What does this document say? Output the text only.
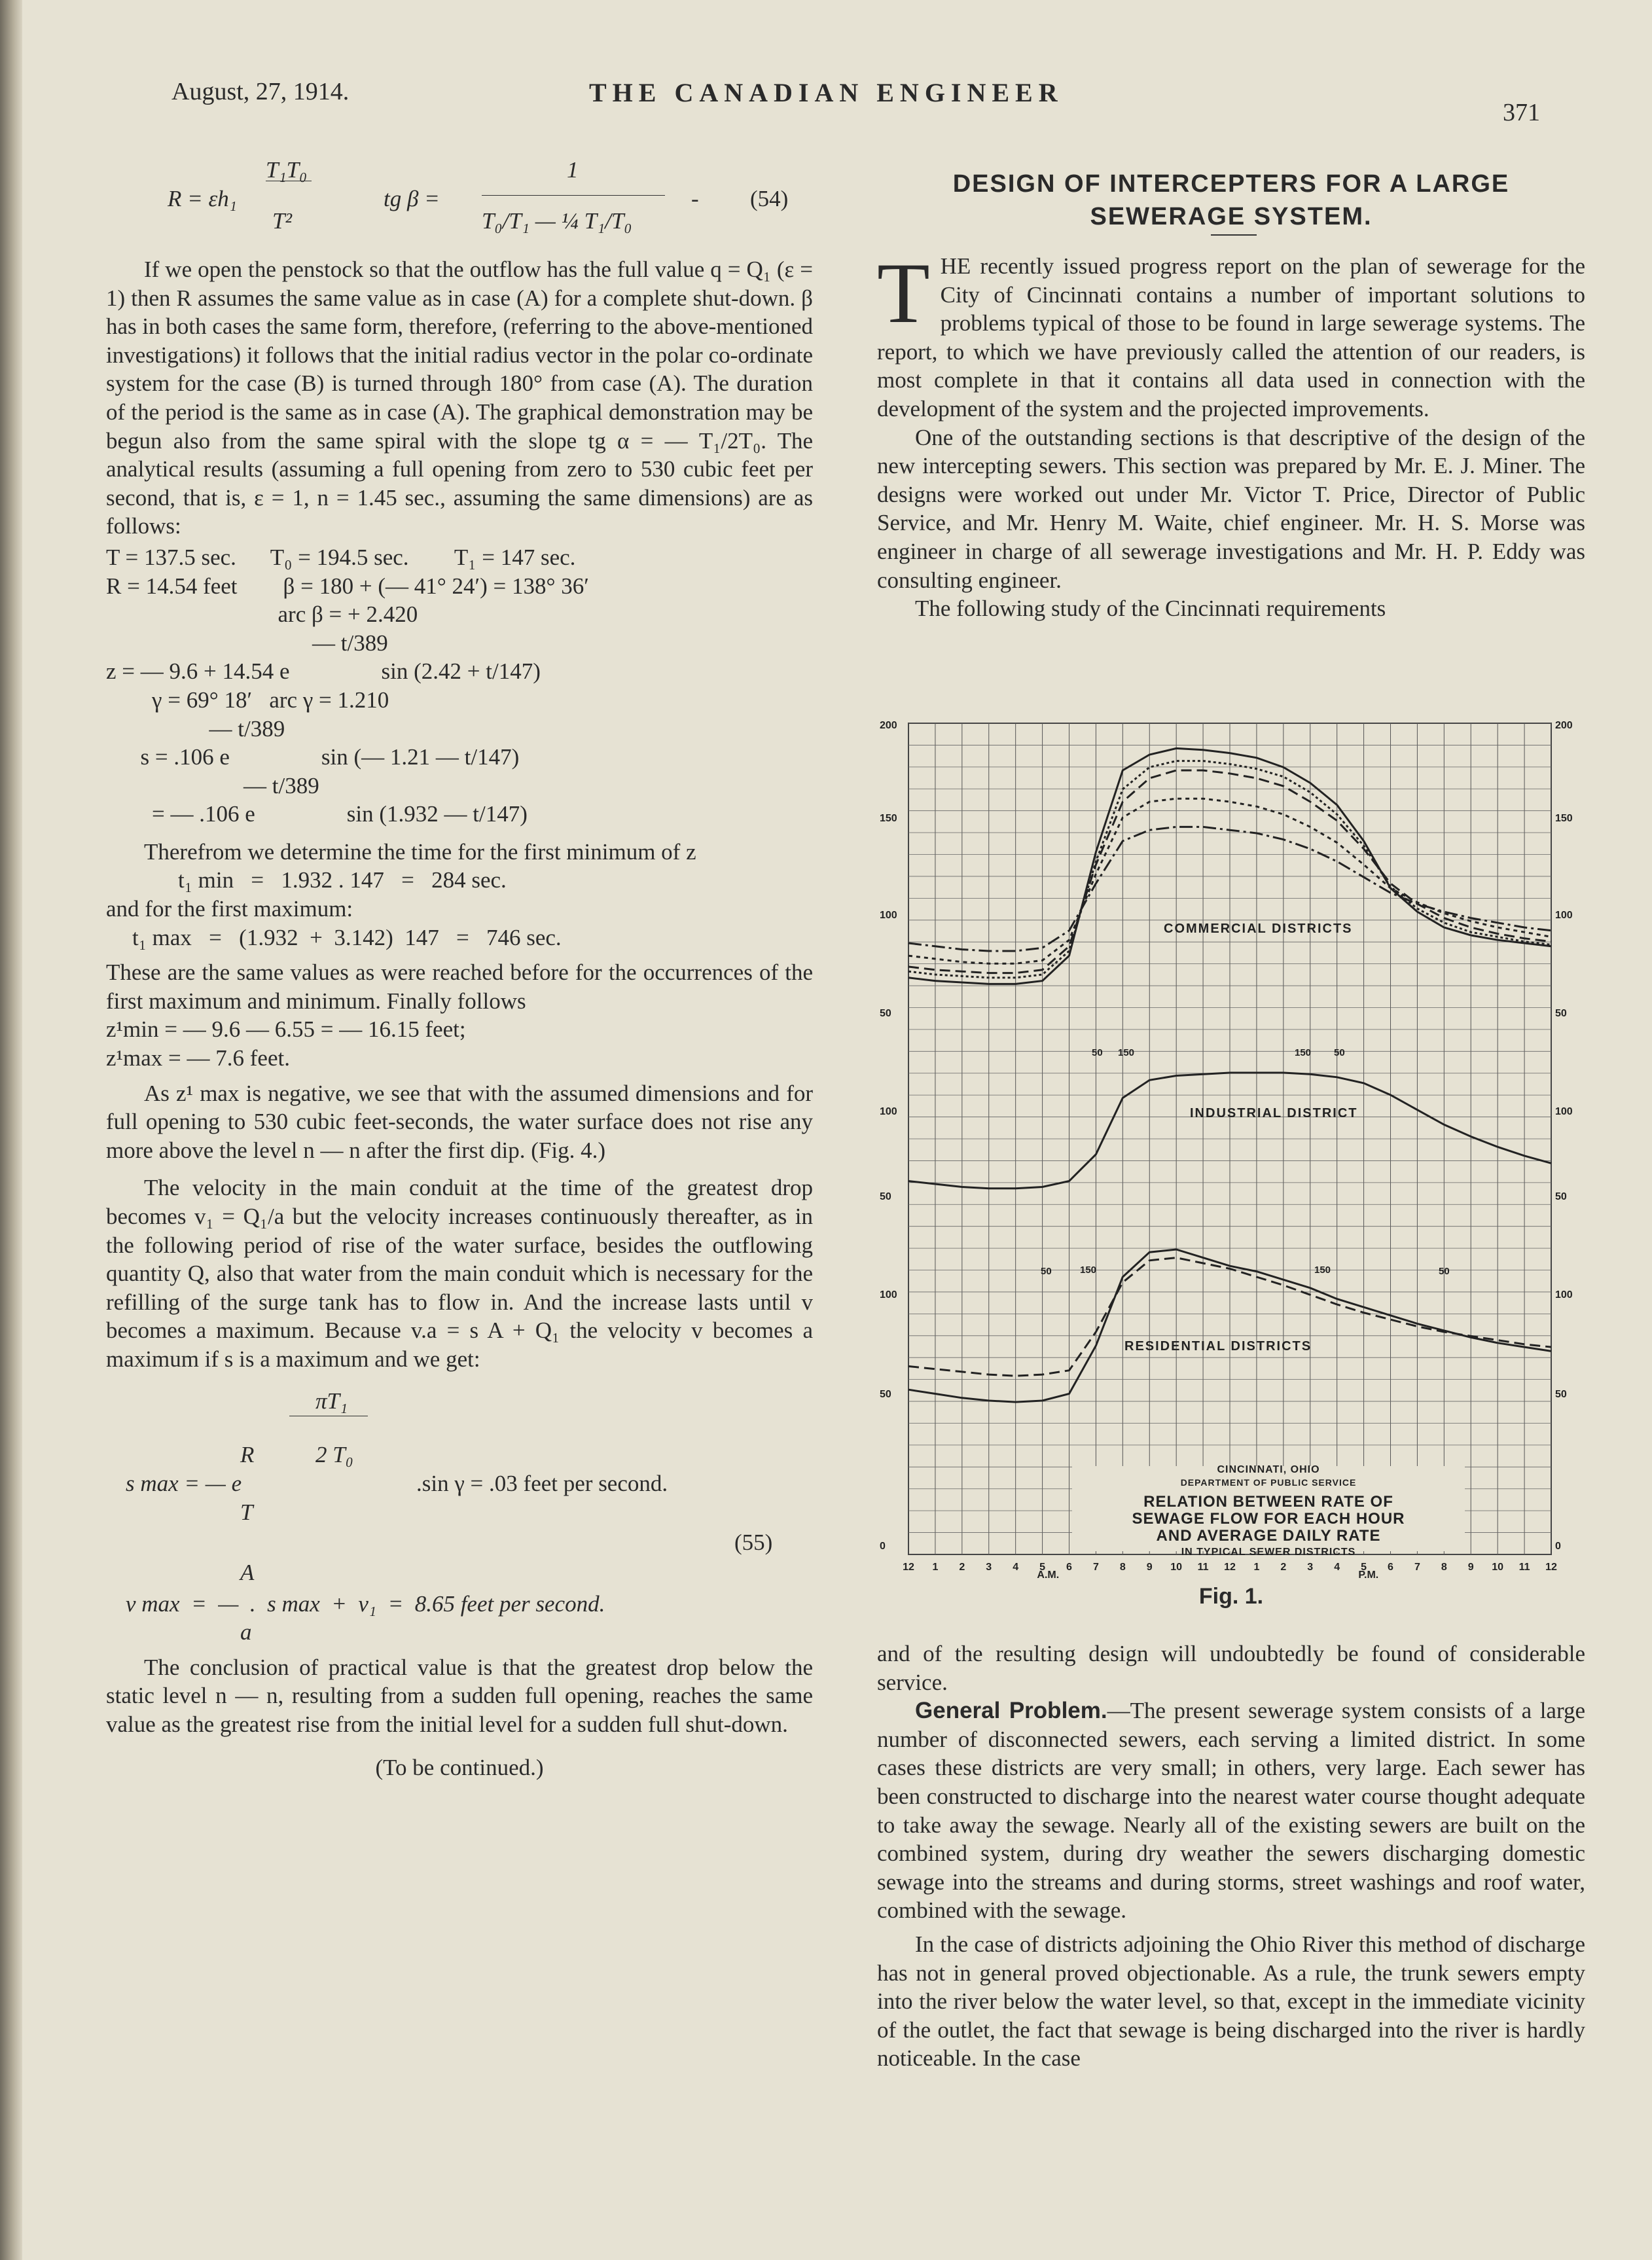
August, 27, 1914.	THE CANADIAN ENGINEER
371
T₁T₀
R = εh₁
T²
tg β =
1
T₀/T₁ — ¼ T₁/T₀
- (54)

If we open the penstock so that the outflow has the full value q = Q₁ (ε = 1) then R assumes the same value as in case (A) for a complete shut-down. β has in both cases the same form, therefore, (referring to the above-mentioned investigations) it follows that the initial radius vector in the polar co-ordinate system for the case (B) is turned through 180° from case (A). The duration of the period is the same as in case (A). The graphical demonstration may be begun also from the same spiral with the slope tg α = — T₁/2T₀. The analytical results (assuming a full opening from zero to 530 cubic feet per second, that is, ε = 1, n = 1.45 sec., assuming the same dimensions) are as follows:

T = 137.5 sec.      T₀ = 194.5 sec.        T₁ = 147 sec.
R = 14.54 feet        β = 180 + (— 41° 24′) = 138° 36′
arc β = + 2.420
— t/389
z = — 9.6 + 14.54 e                sin (2.42 + t/147)
γ = 69° 18′   arc γ = 1.210
— t/389
s = .106 e                sin (— 1.21 — t/147)
— t/389
= — .106 e                sin (1.932 — t/147)

Therefrom we determine the time for the first minimum of z

t₁ min   =   1.932 . 147   =   284 sec.
and for the first maximum:
t₁ max   =   (1.932  +  3.142)  147   =   746 sec.

These are the same values as were reached before for the occurrences of the first maximum and minimum. Finally follows

z¹min = — 9.6 — 6.55 = — 16.15 feet;
z¹max = — 7.6 feet.

As z¹ max is negative, we see that with the assumed dimensions and for full opening to 530 cubic feet-seconds, the water surface does not rise any more above the level n — n after the first dip. (Fig. 4.)

The velocity in the main conduit at the time of the greatest drop becomes v₁ = Q₁/a but the velocity increases continuously thereafter, as in the following period of rise of the water surface, besides the outflowing quantity Q, also that water from the main conduit which is necessary for the refilling of the surge tank has to flow in. And the increase lasts until v becomes a maximum. Because v.a = s A + Q₁ the velocity v becomes a maximum if s is a maximum and we get:

πT₁
R	2 T₀
s max = — e
T
.sin γ = .03 feet per second.
(55)
A
v max  =  —  .  s max  +  v₁  =  8.65 feet per second.
a

The conclusion of practical value is that the greatest drop below the static level n — n, resulting from a sudden full opening, reaches the same value as the greatest rise from the initial level for a sudden full shut-down.

(To be continued.)
DESIGN OF INTERCEPTERS FOR A LARGE SEWERAGE SYSTEM.
T HE recently issued progress report on the plan of sewerage for the City of Cincinnati contains a number of important solutions to problems typical of those to be found in large sewerage systems. The report, to which we have previously called the attention of our readers, is most complete in that it contains all data used in connection with the development of the system and the projected improvements.

One of the outstanding sections is that descriptive of the design of the new intercepting sewers. This section was prepared by Mr. E. J. Miner. The designs were worked out under Mr. Victor T. Price, Director of Public Service, and Mr. Henry M. Waite, chief engineer. Mr. H. S. Morse was engineer in charge of all sewerage investigations and Mr. H. P. Eddy was consulting engineer.

The following study of the Cincinnati requirements

COMMERCIAL DISTRICTS
INDUSTRIAL DISTRICT
RESIDENTIAL DISTRICTS
200	200
150	150
100	100
50	50
100	100
50	50
100	100
50	50
0	0
50 150	150 50
150	150
50	50
12 1 2 3 4 5 6 7 8 9 10 11 12 1 2 3 4 5 6 7 8 9 10 11 12
A.M.	P.M.
CINCINNATI, OHIO
DEPARTMENT OF PUBLIC SERVICE
RELATION BETWEEN RATE OF
SEWAGE FLOW FOR EACH HOUR
AND AVERAGE DAILY RATE
IN TYPICAL SEWER DISTRICTS
Fig. 1.

and of the resulting design will undoubtedly be found of considerable service.

General Problem.—The present sewerage system consists of a large number of disconnected sewers, each serving a limited district. In some cases these districts are very small; in others, very large. Each sewer has been constructed to discharge into the nearest water course thought adequate to take away the sewage. Nearly all of the existing sewers are built on the combined system, during dry weather the sewers discharging domestic sewage into the streams and during storms, street washings and roof water, combined with the sewage.

In the case of districts adjoining the Ohio River this method of discharge has not in general proved objectionable. As a rule, the trunk sewers empty into the river below the water level, so that, except in the immediate vicinity of the outlet, the fact that sewage is being discharged into the river is hardly noticeable. In the case
